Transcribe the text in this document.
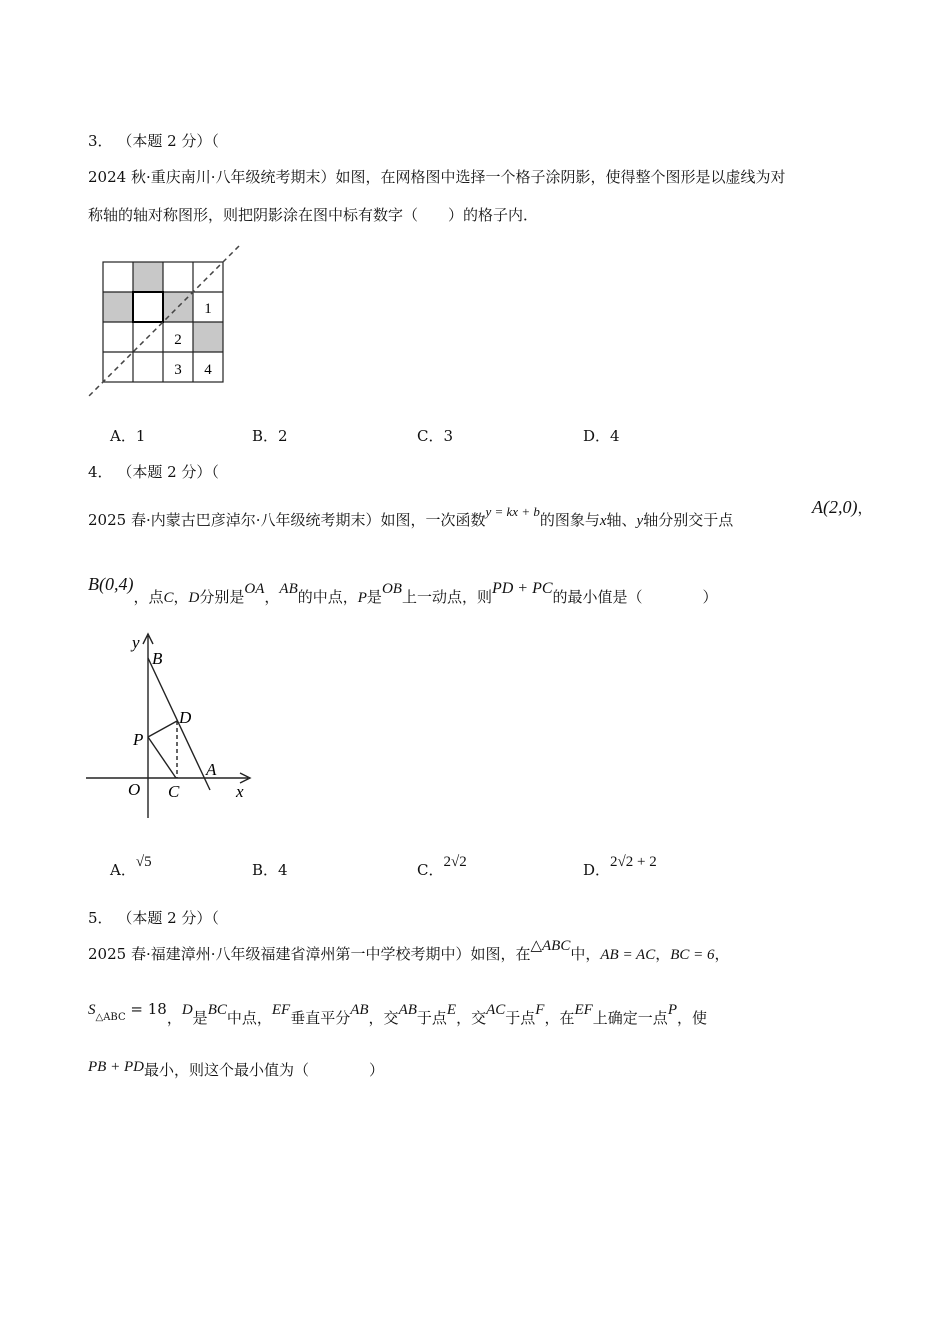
3． （本题 2 分）（
2024 秋·重庆南川·八年级统考期末）如图，在网格图中选择一个格子涂阴影，使得整个图形是以虚线为对
称轴的轴对称图形，则把阴影涂在图中标有数字（　　）的格子内．
1
2
3 4
A．1	B．2	C．3	D．4
4． （本题 2 分）（
2025 春·内蒙古巴彦淖尔·八年级统考期末）如图，一次函数y = kx + b的图象与x轴、y轴分别交于点
A(2,0)，
B(0,4)，点C，D分别是OA，AB的中点，P是OB上一动点，则PD + PC的最小值是（　　　　）
y
B
D
P
A
O C	x
A．√5	B．4	C．2√2	D．2√2 + 2
5． （本题 2 分）（
2025 春·福建漳州·八年级福建省漳州第一中学校考期中）如图，在△ABC中，AB = AC，BC = 6，
$S^{\triangle ABC} = 18$，D是BC中点，EF垂直平分AB，交AB于点E，交AC于点F，在EF上确定一点P，使
PB + PD最小，则这个最小值为（　　　　）
